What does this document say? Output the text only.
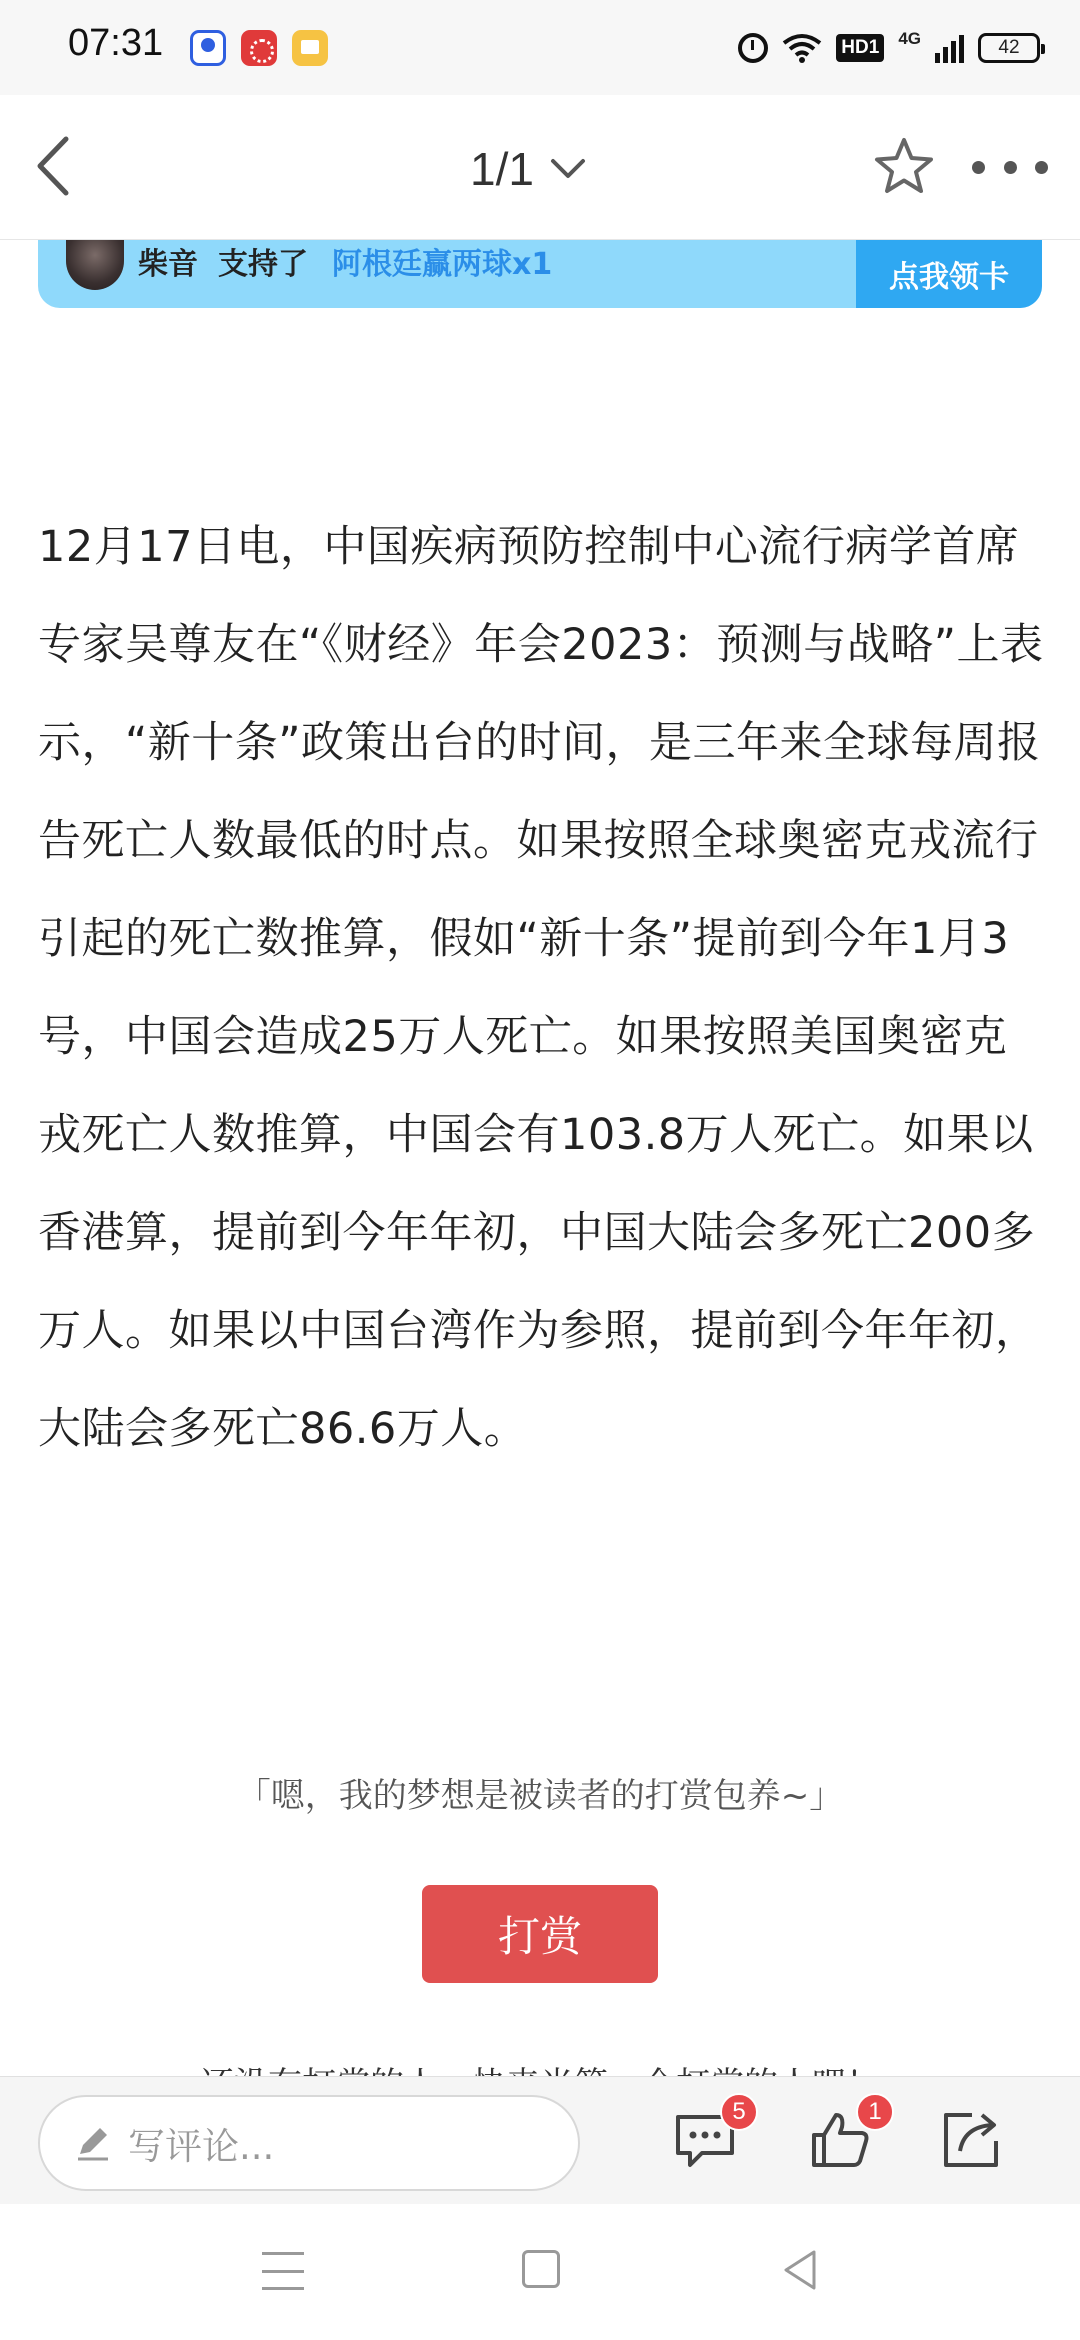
07:31	HD1 4G	42
1/1
柴音 支持了 阿根廷赢两球x1	点我领卡
12月17日电，中国疾病预防控制中心流行病学首席专家吴尊友在“《财经》年会2023：预测与战略”上表示，“新十条”政策出台的时间，是三年来全球每周报告死亡人数最低的时点。如果按照全球奥密克戎流行引起的死亡数推算，假如“新十条”提前到今年1月3号，中国会造成25万人死亡。如果按照美国奥密克戎死亡人数推算，中国会有103.8万人死亡。如果以香港算，提前到今年年初，中国大陆会多死亡200多万人。如果以中国台湾作为参照，提前到今年年初，大陆会多死亡86.6万人。
「嗯，我的梦想是被读者的打赏包养~」
打赏
写评论...
5	1
